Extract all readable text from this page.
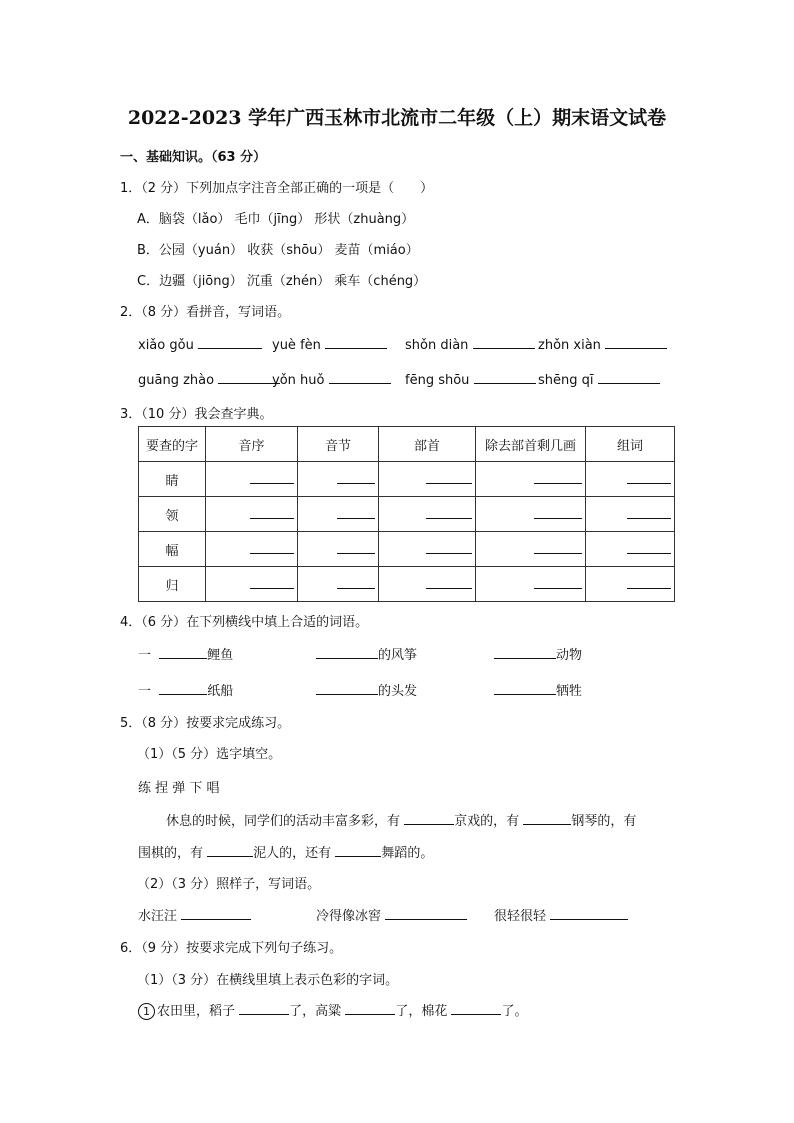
2022-2023 学年广西玉林市北流市二年级（上）期末语文试卷
一、基础知识。（63 分）
1．（2 分）下列加点字注音全部正确的一项是（　　）
A．脑袋（lǎo） 毛巾（jīng） 形状（zhuàng）
B．公园（yuán） 收获（shōu） 麦苗（miáo）
C．边疆（jiōng） 沉重（zhén） 乘车（chéng）
2．（8 分）看拼音，写词语。
xiǎo gǒu	yuè fèn	shǒn diàn	zhǒn xiàn
guāng zhào	yǒn huǒ	fēng shōu	shēng qī
3．（10 分）我会查字典。
要查的字	音序	音节	部首	除去部首剩几画	组词
睛					
领					
幅					
归					
4．（6 分）在下列横线中填上合适的词语。
一	鲤鱼	的风筝	动物
一	纸船	的头发	牺牲
5．（8 分）按要求完成练习。
（1）（5 分）选字填空。
练 捏 弹 下 唱
休息的时候，同学们的活动丰富多彩，有	京戏的，有	钢琴的，有
围棋的，有	泥人的，还有	舞蹈的。
（2）（3 分）照样子，写词语。
水汪汪	冷得像冰窖	很轻很轻
6．（9 分）按要求完成下列句子练习。
（1）（3 分）在横线里填上表示色彩的字词。
1 农田里，稻子	了，高粱	了，棉花	了。
